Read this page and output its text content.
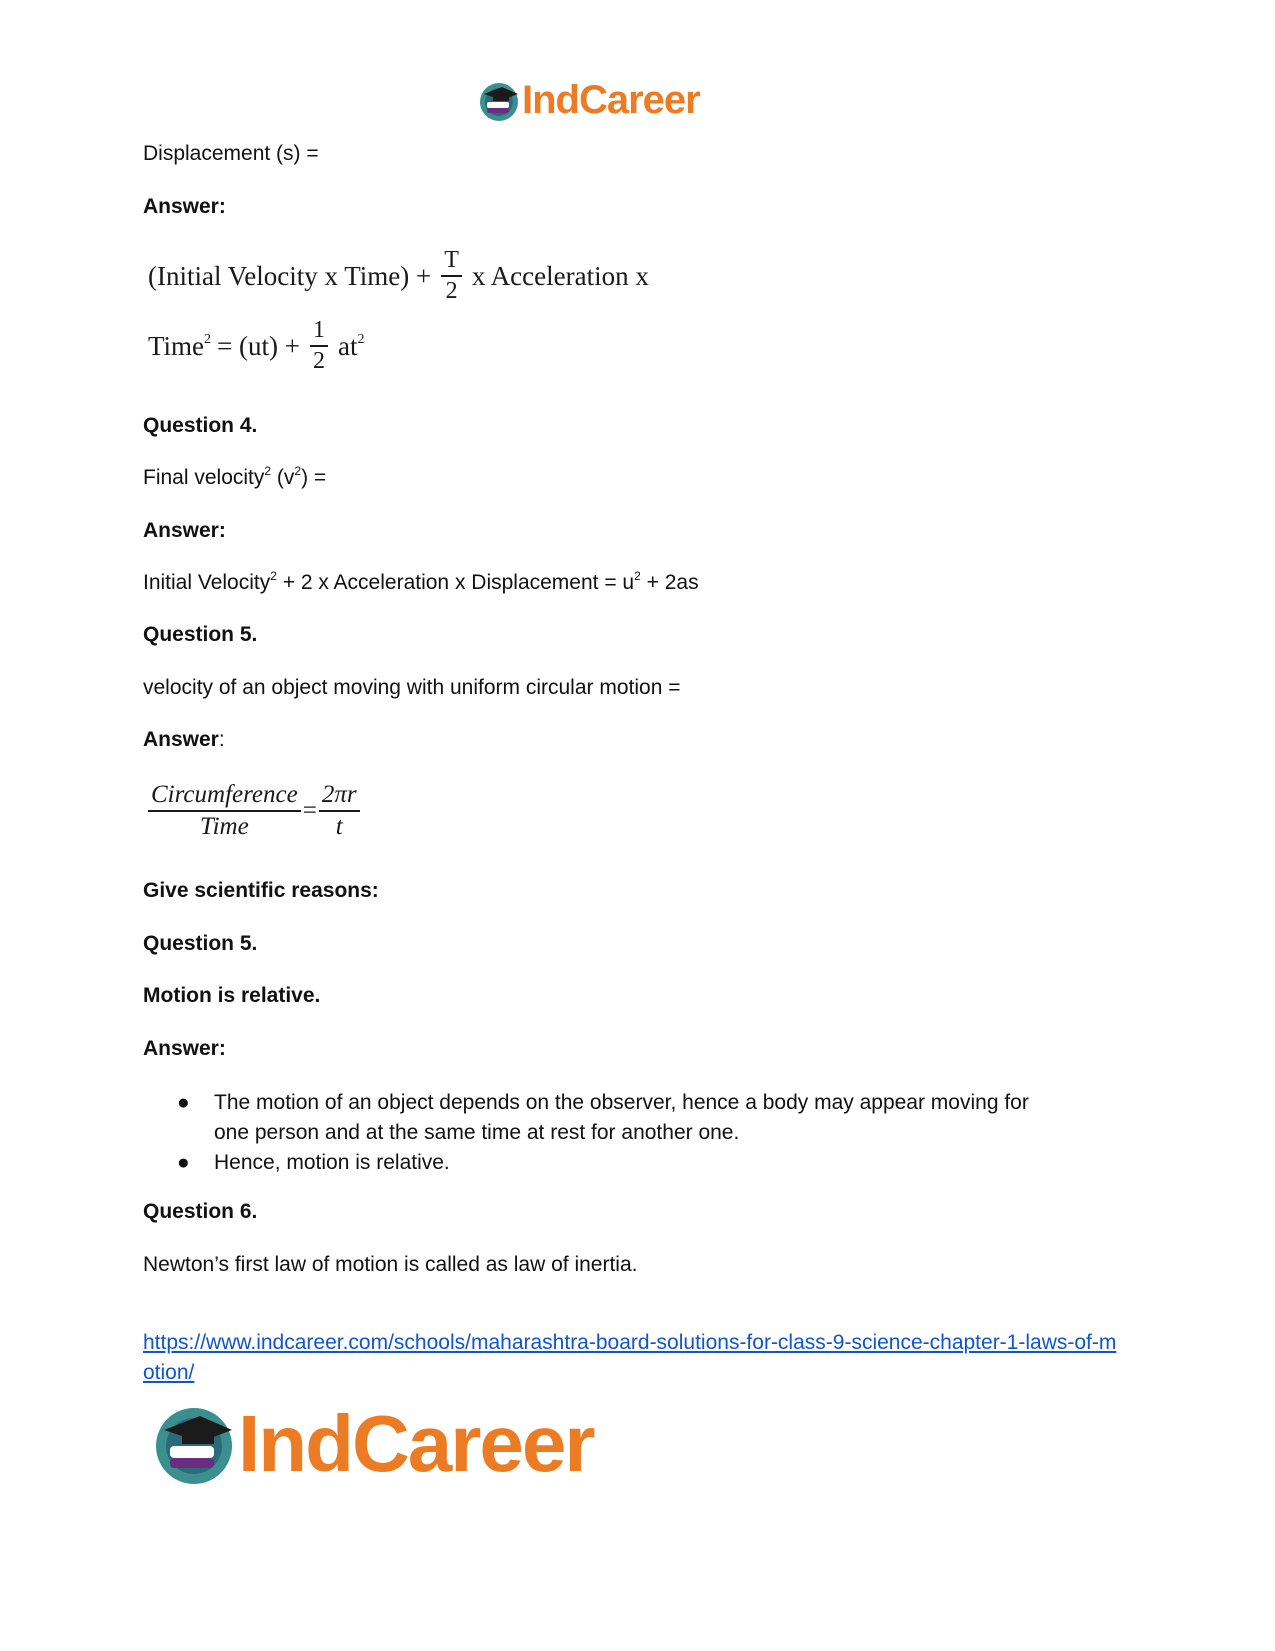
IndCareer
Displacement (s) =
Answer:
(Initial Velocity x Time) + $\frac{T}{2}$ x Acceleration x
Time$^2$ = $(ut) + \frac{1}{2} at^2$
Question 4.
Final velocity$^2$ $(v^2)$ =
Answer:
Initial Velocity$^2$ + 2 x Acceleration x Displacement = $u^2 + 2as$
Question 5.
velocity of an object moving with uniform circular motion =
Answer:
$\frac{\text{Circumference}}{\text{Time}} = \frac{2\pi r}{t}$
Give scientific reasons:
Question 5.
Motion is relative.
Answer:
● The motion of an object depends on the observer, hence a body may appear moving for
one person and at the same time at rest for another one.
● Hence, motion is relative.
Question 6.
Newton’s first law of motion is called as law of inertia.
https://www.indcareer.com/schools/maharashtra-board-solutions-for-class-9-science-chapter-1-laws-of-motion/
IndCareer
